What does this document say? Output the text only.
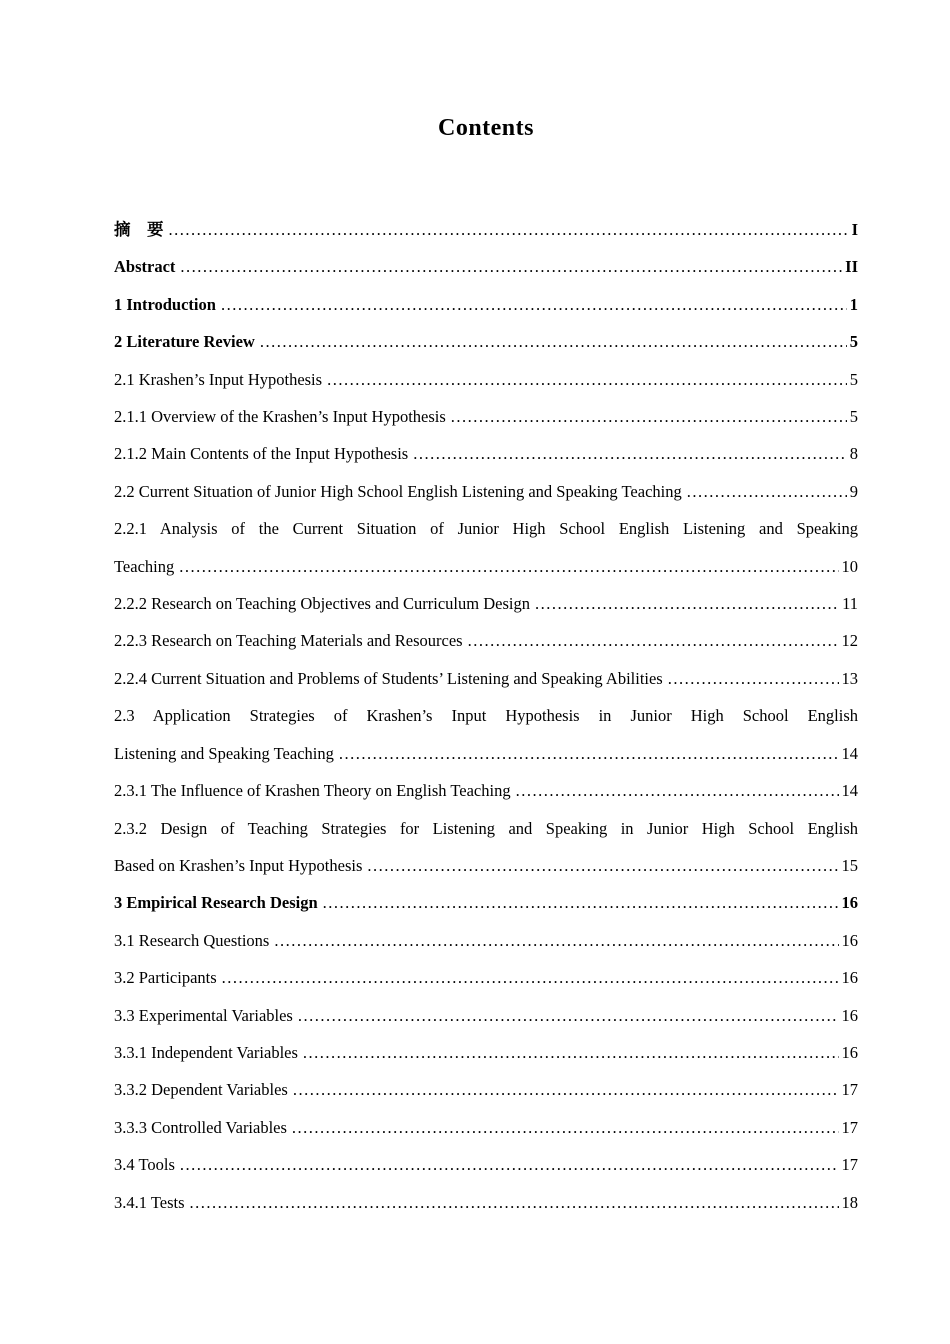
Contents
摘　要 .....	I
Abstract .....	II
1 Introduction .....	1
2 Literature Review .....	5
2.1 Krashen’s Input Hypothesis .....	5
2.1.1 Overview of the Krashen’s Input Hypothesis .....	5
2.1.2 Main Contents of the Input Hypothesis .....	8
2.2 Current Situation of Junior High School English Listening and Speaking Teaching .....	9
2.2.1 Analysis of the Current Situation of Junior High School English Listening and Speaking
Teaching .....	10
2.2.2 Research on Teaching Objectives and Curriculum Design .....	11
2.2.3 Research on Teaching Materials and Resources .....	12
2.2.4 Current Situation and Problems of Students’ Listening and Speaking Abilities .....	13
2.3 Application Strategies of Krashen’s Input Hypothesis in Junior High School English
Listening and Speaking Teaching .....	14
2.3.1 The Influence of Krashen Theory on English Teaching .....	14
2.3.2 Design of Teaching Strategies for Listening and Speaking in Junior High School English
Based on Krashen’s Input Hypothesis .....	15
3 Empirical Research Design .....	16
3.1 Research Questions .....	16
3.2 Participants .....	16
3.3 Experimental Variables .....	16
3.3.1 Independent Variables .....	16
3.3.2 Dependent Variables .....	17
3.3.3 Controlled Variables .....	17
3.4 Tools .....	17
3.4.1 Tests .....	18
